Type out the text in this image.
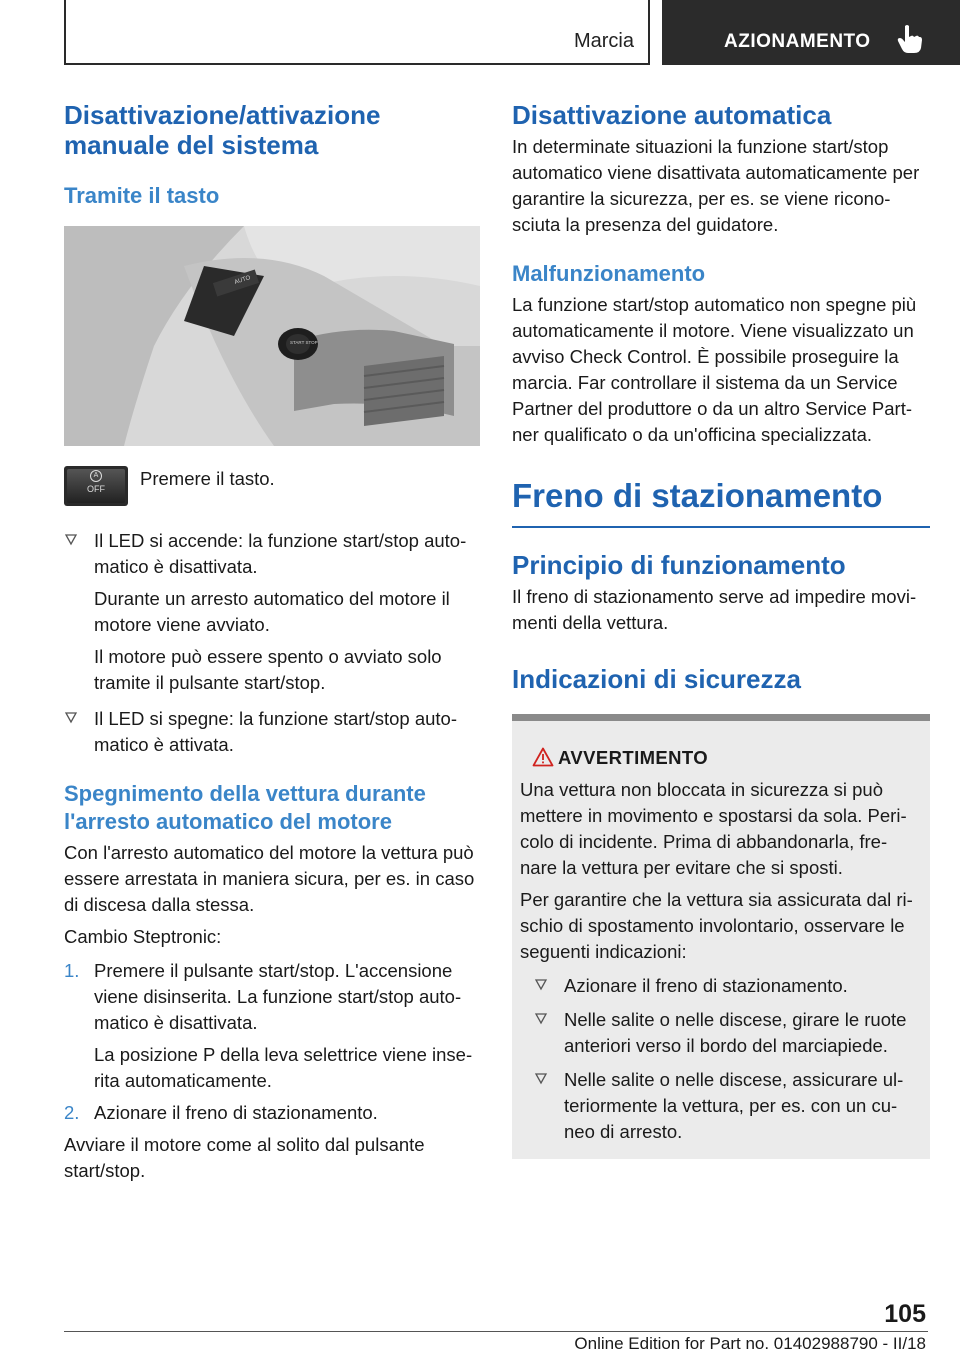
Marcia	AZIONAMENTO
Disattivazione/attivazione manuale del sistema
Tramite il tasto
AUTO
START STOP
A
OFF	Premere il tasto.

Il LED si accende: la funzione start/stop auto-matico è disattivata.

Durante un arresto automatico del motore il motore viene avviato.

Il motore può essere spento o avviato solo tramite il pulsante start/stop.

Il LED si spegne: la funzione start/stop auto-matico è attivata.

Spegnimento della vettura durante l'arresto automatico del motore

Con l'arresto automatico del motore la vettura può essere arrestata in maniera sicura, per es. in caso di discesa dalla stessa.

Cambio Steptronic:

1. Premere il pulsante start/stop. L'accensione viene disinserita. La funzione start/stop auto-matico è disattivata.

La posizione P della leva selettrice viene inse-rita automaticamente.

2. Azionare il freno di stazionamento.

Avviare il motore come al solito dal pulsante start/stop.

Disattivazione automatica

In determinate situazioni la funzione start/stop automatico viene disattivata automaticamente per garantire la sicurezza, per es. se viene ricono-sciuta la presenza del guidatore.

Malfunzionamento

La funzione start/stop automatico non spegne più automaticamente il motore. Viene visualizzato un avviso Check Control. È possibile proseguire la marcia. Far controllare il sistema da un Service Partner del produttore o da un altro Service Part-ner qualificato o da un'officina specializzata.

Freno di stazionamento
Principio di funzionamento

Il freno di stazionamento serve ad impedire movi-menti della vettura.

Indicazioni di sicurezza
AVVERTIMENTO

Una vettura non bloccata in sicurezza si può mettere in movimento e spostarsi da sola. Peri-colo di incidente. Prima di abbandonarla, fre-nare la vettura per evitare che si sposti.

Per garantire che la vettura sia assicurata dal ri-schio di spostamento involontario, osservare le seguenti indicazioni:

Azionare il freno di stazionamento.

Nelle salite o nelle discese, girare le ruote anteriori verso il bordo del marciapiede.

Nelle salite o nelle discese, assicurare ul-teriormente la vettura, per es. con un cu-neo di arresto.

105
Online Edition for Part no. 01402988790 - II/18
